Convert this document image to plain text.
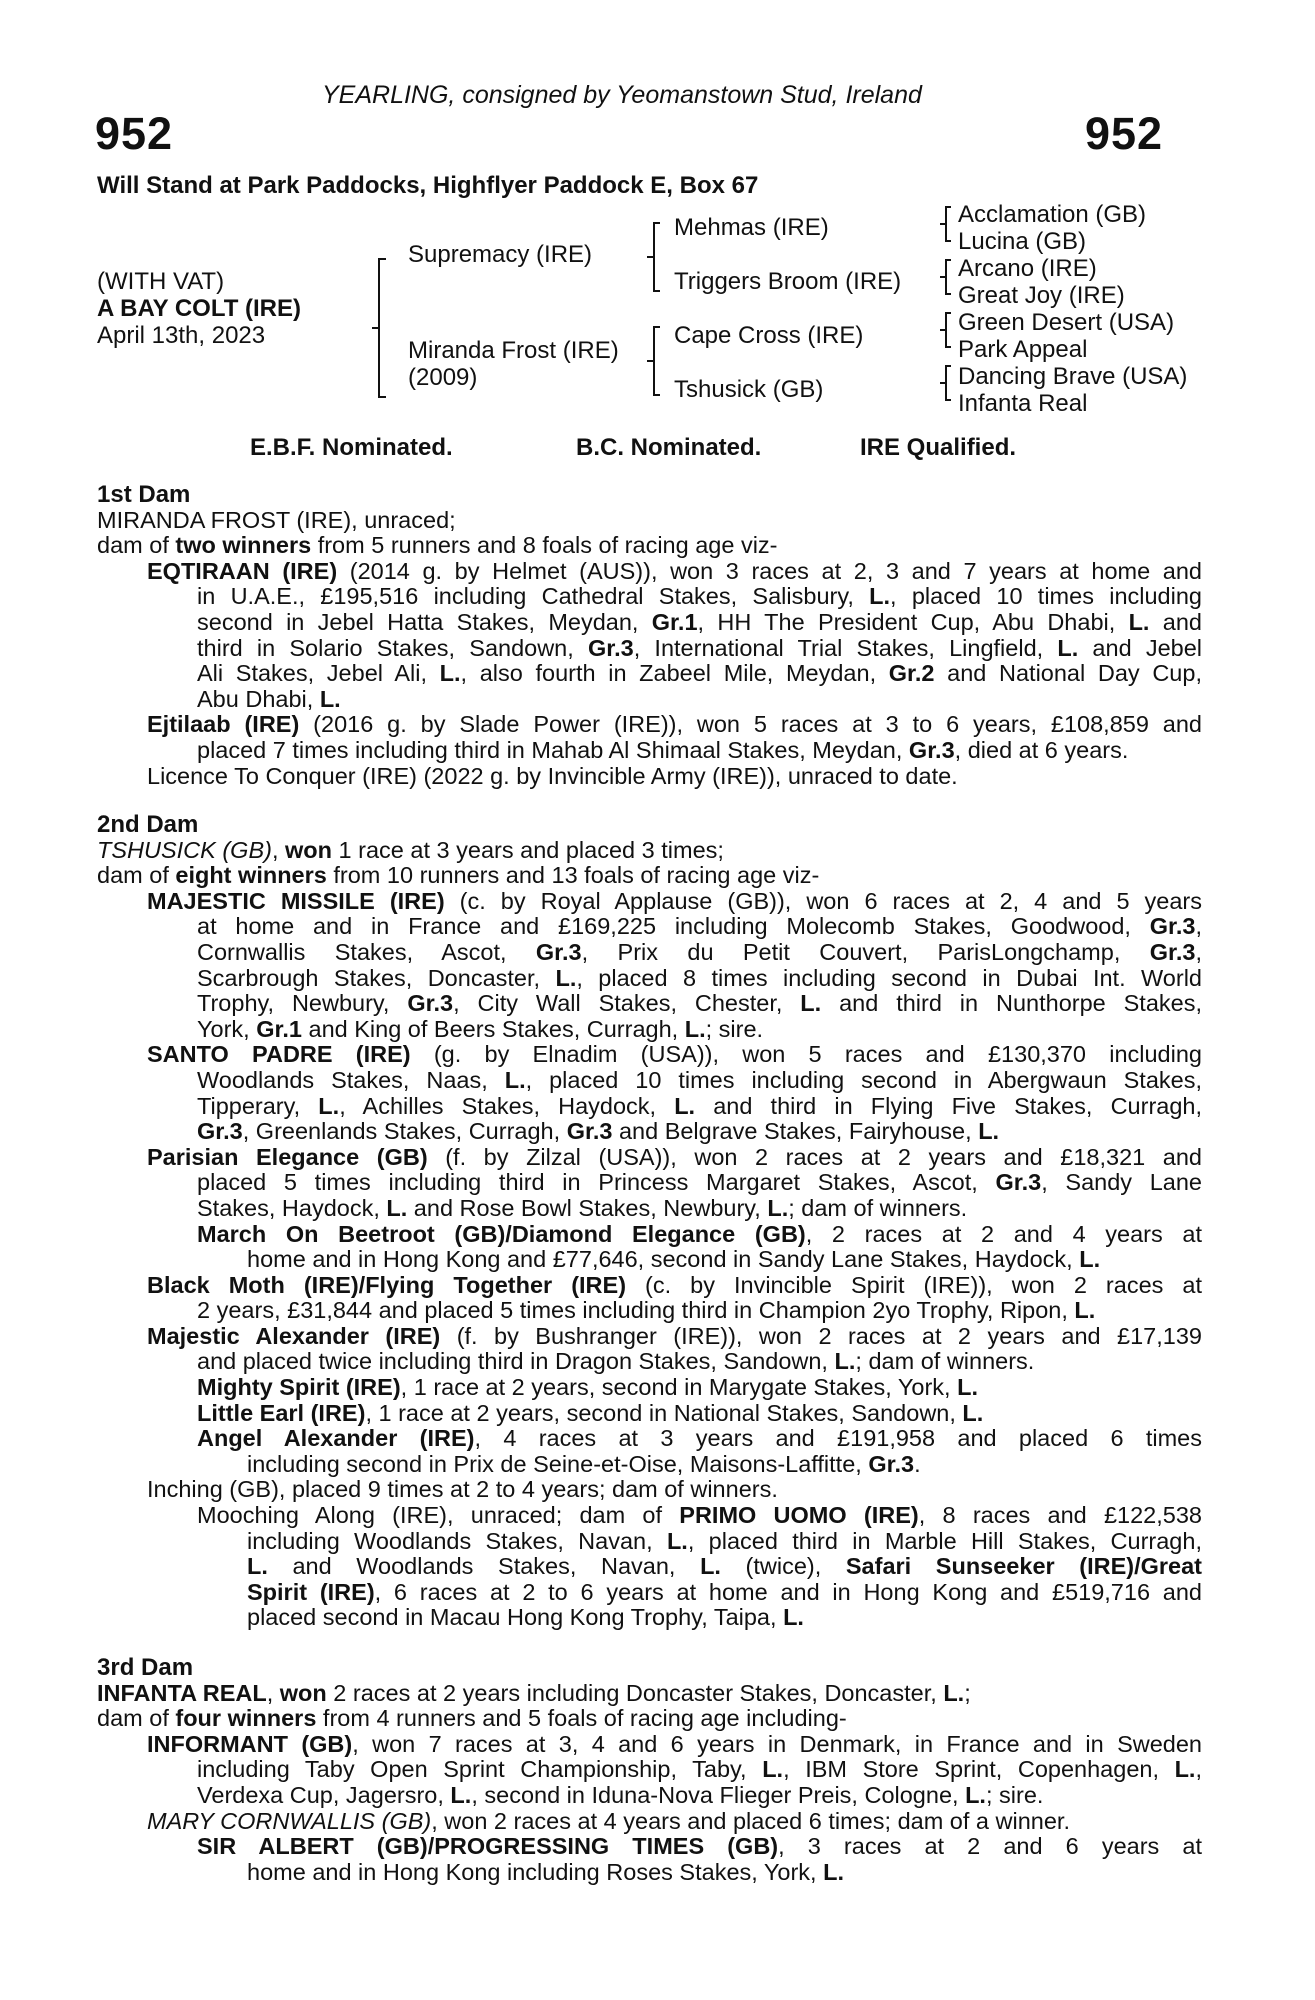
YEARLING, consigned by Yeomanstown Stud, Ireland
952	952
Will Stand at Park Paddocks, Highflyer Paddock E, Box 67
(WITH VAT)
A BAY COLT (IRE)
April 13th, 2023
Supremacy (IRE)
Miranda Frost (IRE)
(2009)
Mehmas (IRE)
Triggers Broom (IRE)
Cape Cross (IRE)
Tshusick (GB)
Acclamation (GB)
Lucina (GB)
Arcano (IRE)
Great Joy (IRE)
Green Desert (USA)
Park Appeal
Dancing Brave (USA)
Infanta Real
E.B.F. Nominated.	B.C. Nominated.	IRE Qualified.
1st Dam
MIRANDA FROST (IRE), unraced;
dam of two winners from 5 runners and 8 foals of racing age viz-
EQTIRAAN (IRE) (2014 g. by Helmet (AUS)), won 3 races at 2, 3 and 7 years at home and
in U.A.E., £195,516 including Cathedral Stakes, Salisbury, L., placed 10 times including
second in Jebel Hatta Stakes, Meydan, Gr.1, HH The President Cup, Abu Dhabi, L. and
third in Solario Stakes, Sandown, Gr.3, International Trial Stakes, Lingfield, L. and Jebel
Ali Stakes, Jebel Ali, L., also fourth in Zabeel Mile, Meydan, Gr.2 and National Day Cup,
Abu Dhabi, L.
Ejtilaab (IRE) (2016 g. by Slade Power (IRE)), won 5 races at 3 to 6 years, £108,859 and
placed 7 times including third in Mahab Al Shimaal Stakes, Meydan, Gr.3, died at 6 years.
Licence To Conquer (IRE) (2022 g. by Invincible Army (IRE)), unraced to date.
2nd Dam
TSHUSICK (GB), won 1 race at 3 years and placed 3 times;
dam of eight winners from 10 runners and 13 foals of racing age viz-
MAJESTIC MISSILE (IRE) (c. by Royal Applause (GB)), won 6 races at 2, 4 and 5 years
at home and in France and £169,225 including Molecomb Stakes, Goodwood, Gr.3,
Cornwallis Stakes, Ascot, Gr.3, Prix du Petit Couvert, ParisLongchamp, Gr.3,
Scarbrough Stakes, Doncaster, L., placed 8 times including second in Dubai Int. World
Trophy, Newbury, Gr.3, City Wall Stakes, Chester, L. and third in Nunthorpe Stakes,
York, Gr.1 and King of Beers Stakes, Curragh, L.; sire.
SANTO PADRE (IRE) (g. by Elnadim (USA)), won 5 races and £130,370 including
Woodlands Stakes, Naas, L., placed 10 times including second in Abergwaun Stakes,
Tipperary, L., Achilles Stakes, Haydock, L. and third in Flying Five Stakes, Curragh,
Gr.3, Greenlands Stakes, Curragh, Gr.3 and Belgrave Stakes, Fairyhouse, L.
Parisian Elegance (GB) (f. by Zilzal (USA)), won 2 races at 2 years and £18,321 and
placed 5 times including third in Princess Margaret Stakes, Ascot, Gr.3, Sandy Lane
Stakes, Haydock, L. and Rose Bowl Stakes, Newbury, L.; dam of winners.
March On Beetroot (GB)/Diamond Elegance (GB), 2 races at 2 and 4 years at
home and in Hong Kong and £77,646, second in Sandy Lane Stakes, Haydock, L.
Black Moth (IRE)/Flying Together (IRE) (c. by Invincible Spirit (IRE)), won 2 races at
2 years, £31,844 and placed 5 times including third in Champion 2yo Trophy, Ripon, L.
Majestic Alexander (IRE) (f. by Bushranger (IRE)), won 2 races at 2 years and £17,139
and placed twice including third in Dragon Stakes, Sandown, L.; dam of winners.
Mighty Spirit (IRE), 1 race at 2 years, second in Marygate Stakes, York, L.
Little Earl (IRE), 1 race at 2 years, second in National Stakes, Sandown, L.
Angel Alexander (IRE), 4 races at 3 years and £191,958 and placed 6 times
including second in Prix de Seine-et-Oise, Maisons-Laffitte, Gr.3.
Inching (GB), placed 9 times at 2 to 4 years; dam of winners.
Mooching Along (IRE), unraced; dam of PRIMO UOMO (IRE), 8 races and £122,538
including Woodlands Stakes, Navan, L., placed third in Marble Hill Stakes, Curragh,
L. and Woodlands Stakes, Navan, L. (twice), Safari Sunseeker (IRE)/Great
Spirit (IRE), 6 races at 2 to 6 years at home and in Hong Kong and £519,716 and
placed second in Macau Hong Kong Trophy, Taipa, L.
3rd Dam
INFANTA REAL, won 2 races at 2 years including Doncaster Stakes, Doncaster, L.;
dam of four winners from 4 runners and 5 foals of racing age including-
INFORMANT (GB), won 7 races at 3, 4 and 6 years in Denmark, in France and in Sweden
including Taby Open Sprint Championship, Taby, L., IBM Store Sprint, Copenhagen, L.,
Verdexa Cup, Jagersro, L., second in Iduna-Nova Flieger Preis, Cologne, L.; sire.
MARY CORNWALLIS (GB), won 2 races at 4 years and placed 6 times; dam of a winner.
SIR ALBERT (GB)/PROGRESSING TIMES (GB), 3 races at 2 and 6 years at
home and in Hong Kong including Roses Stakes, York, L.
